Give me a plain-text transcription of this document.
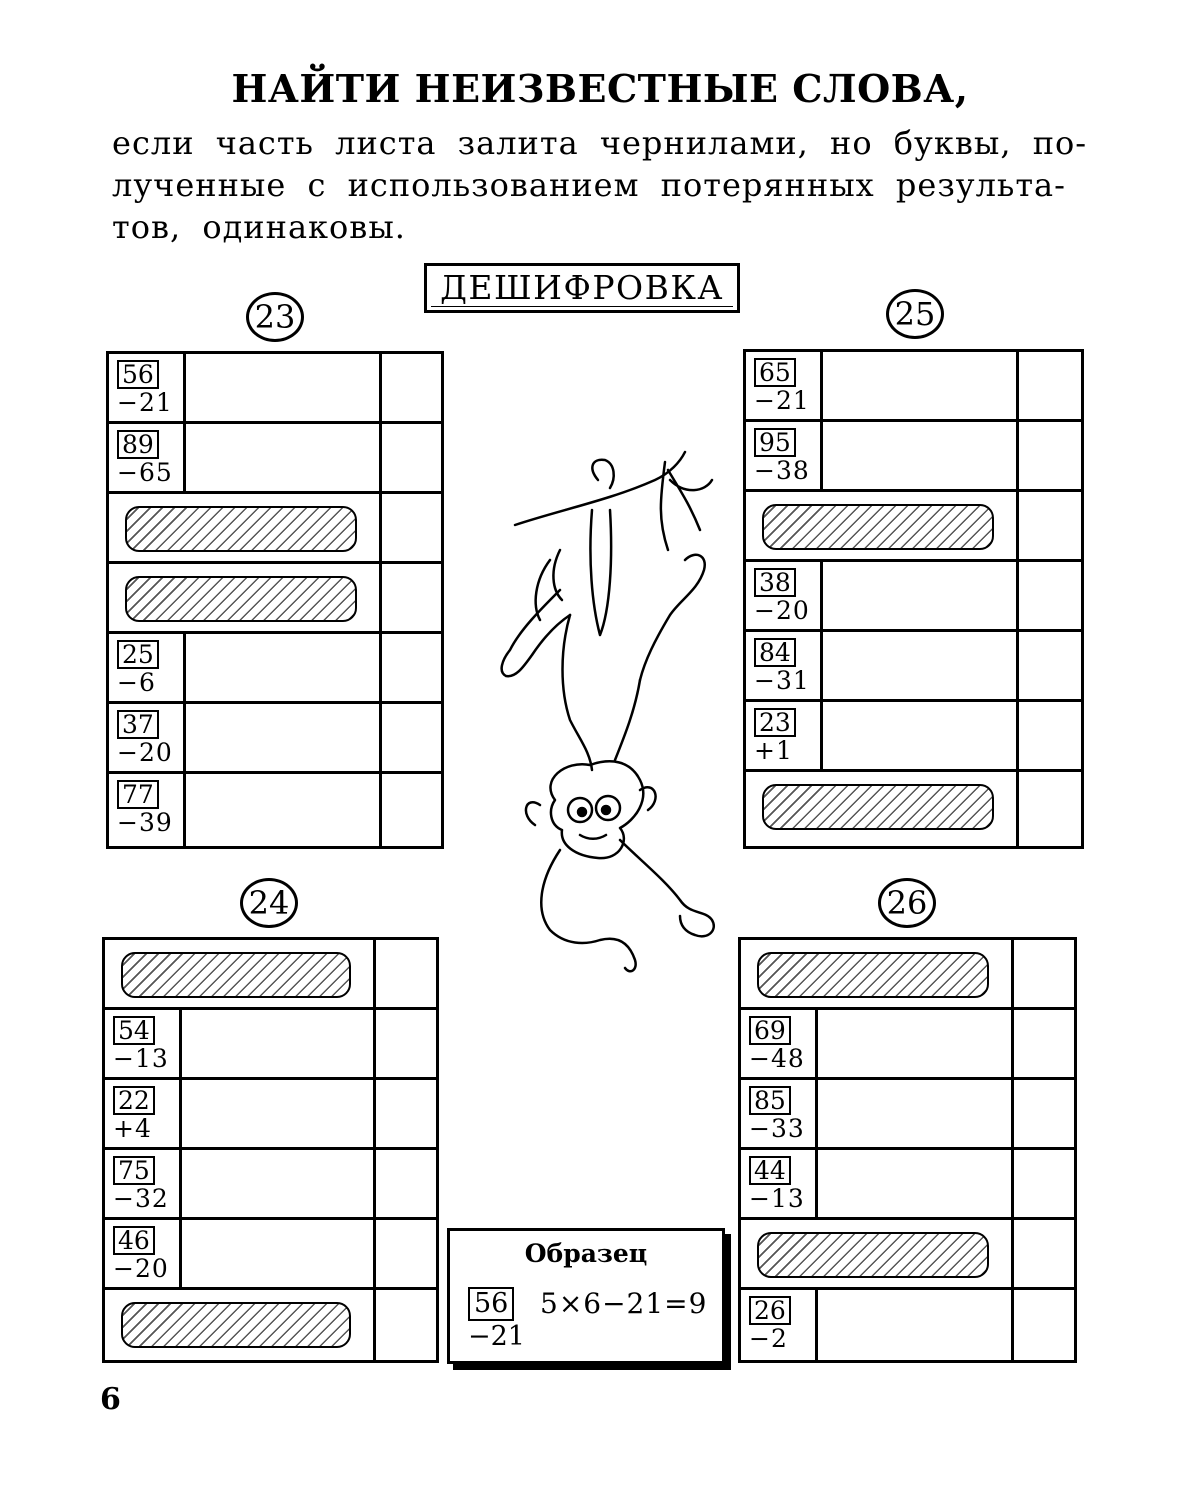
НАЙТИ НЕИЗВЕСТНЫЕ СЛОВА,
если часть листа залита чернилами, но буквы, по-
лученные с использованием потерянных результа-
тов, одинаковы.
ДЕШИФРОВКА
23	25
24	26
56
−21
89
−65
25
−6
37
−20
77
−39
65
−21
95
−38
38
−20
84
−31
23
+1
54
−13
22
+4
75
−32
46
−20
69
−48
85
−33
44
−13
26
−2
Образец
56
−21
5×6−21=9
6
